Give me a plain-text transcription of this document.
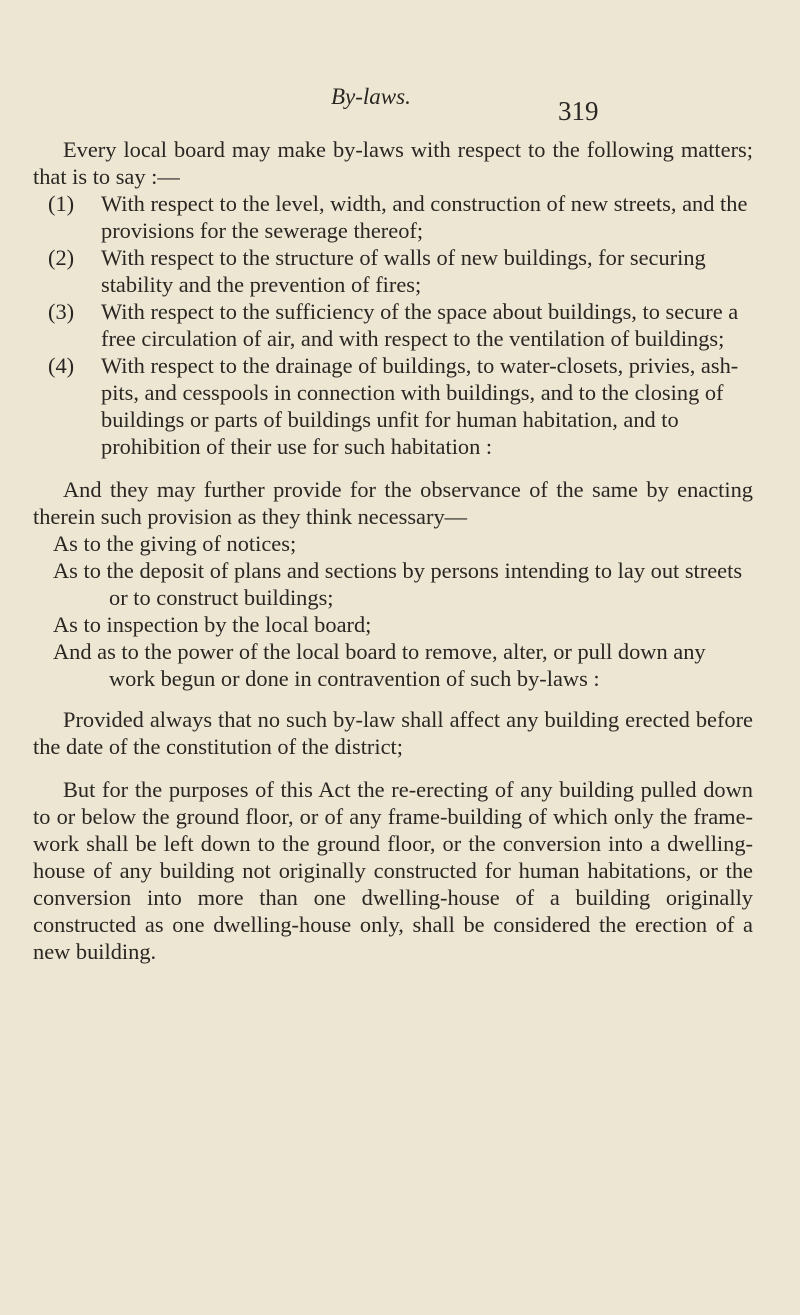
By-laws.	319

Every local board may make by-laws with respect to the following matters; that is to say :—

(1) With respect to the level, width, and construction of new streets, and the provisions for the sewerage thereof;
(2) With respect to the structure of walls of new buildings, for securing stability and the prevention of fires;
(3) With respect to the sufficiency of the space about buildings, to secure a free circulation of air, and with respect to the ventilation of buildings;
(4) With respect to the drainage of buildings, to water-closets, privies, ash-pits, and cesspools in connection with buildings, and to the closing of buildings or parts of buildings unfit for human habitation, and to prohibition of their use for such habitation :

And they may further provide for the observance of the same by enacting therein such provision as they think necessary—

As to the giving of notices;
As to the deposit of plans and sections by persons intending to lay out streets or to construct buildings;
As to inspection by the local board;
And as to the power of the local board to remove, alter, or pull down any work begun or done in contravention of such by-laws :

Provided always that no such by-law shall affect any building erected before the date of the constitution of the district;

But for the purposes of this Act the re-erecting of any building pulled down to or below the ground floor, or of any frame-building of which only the frame-work shall be left down to the ground floor, or the conversion into a dwelling-house of any building not originally constructed for human habitations, or the conversion into more than one dwelling-house of a building originally constructed as one dwelling-house only, shall be considered the erection of a new building.
